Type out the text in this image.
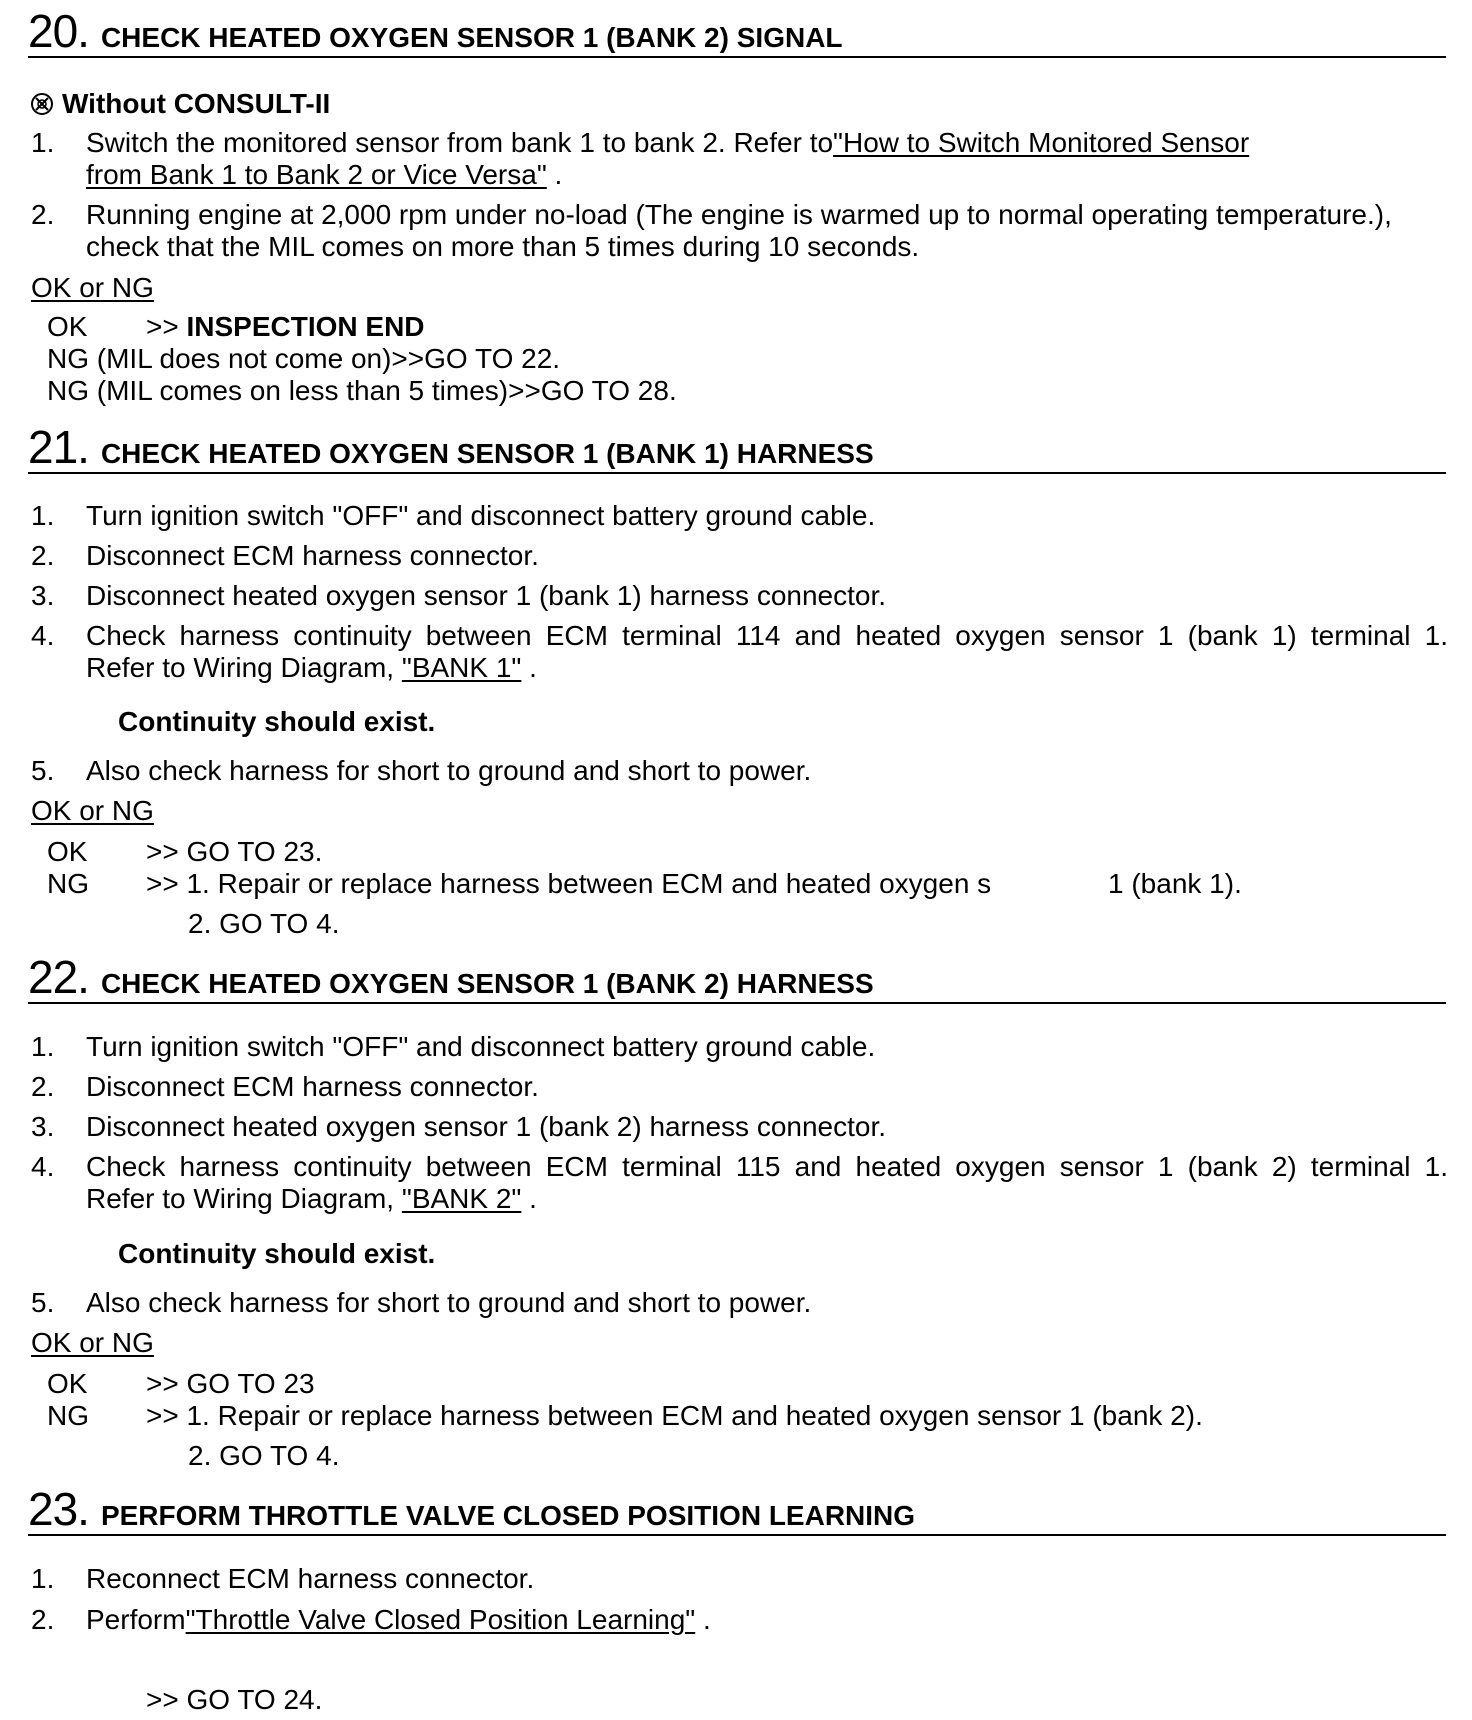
20. CHECK HEATED OXYGEN SENSOR 1 (BANK 2) SIGNAL
Without CONSULT-II
1. Switch the monitored sensor from bank 1 to bank 2. Refer to"How to Switch Monitored Sensor
from Bank 1 to Bank 2 or Vice Versa" .
2. Running engine at 2,000 rpm under no-load (The engine is warmed up to normal operating temperature.),
check that the MIL comes on more than 5 times during 10 seconds.
OK or NG
OK >> INSPECTION END
NG (MIL does not come on)>>GO TO 22.
NG (MIL comes on less than 5 times)>>GO TO 28.
21. CHECK HEATED OXYGEN SENSOR 1 (BANK 1) HARNESS
1. Turn ignition switch "OFF" and disconnect battery ground cable.
2. Disconnect ECM harness connector.
3. Disconnect heated oxygen sensor 1 (bank 1) harness connector.
4. Check harness continuity between ECM terminal 114 and heated oxygen sensor 1 (bank 1) terminal 1.
Refer to Wiring Diagram, "BANK 1" .
Continuity should exist.
5. Also check harness for short to ground and short to power.
OK or NG
OK >> GO TO 23.
NG >> 1. Repair or replace harness between ECM and heated oxygen s	1 (bank 1).
2. GO TO 4.
22. CHECK HEATED OXYGEN SENSOR 1 (BANK 2) HARNESS
1. Turn ignition switch "OFF" and disconnect battery ground cable.
2. Disconnect ECM harness connector.
3. Disconnect heated oxygen sensor 1 (bank 2) harness connector.
4. Check harness continuity between ECM terminal 115 and heated oxygen sensor 1 (bank 2) terminal 1.
Refer to Wiring Diagram, "BANK 2" .
Continuity should exist.
5. Also check harness for short to ground and short to power.
OK or NG
OK >> GO TO 23
NG >> 1. Repair or replace harness between ECM and heated oxygen sensor 1 (bank 2).
2. GO TO 4.
23. PERFORM THROTTLE VALVE CLOSED POSITION LEARNING
1. Reconnect ECM harness connector.
2. Perform"Throttle Valve Closed Position Learning" .
>> GO TO 24.
